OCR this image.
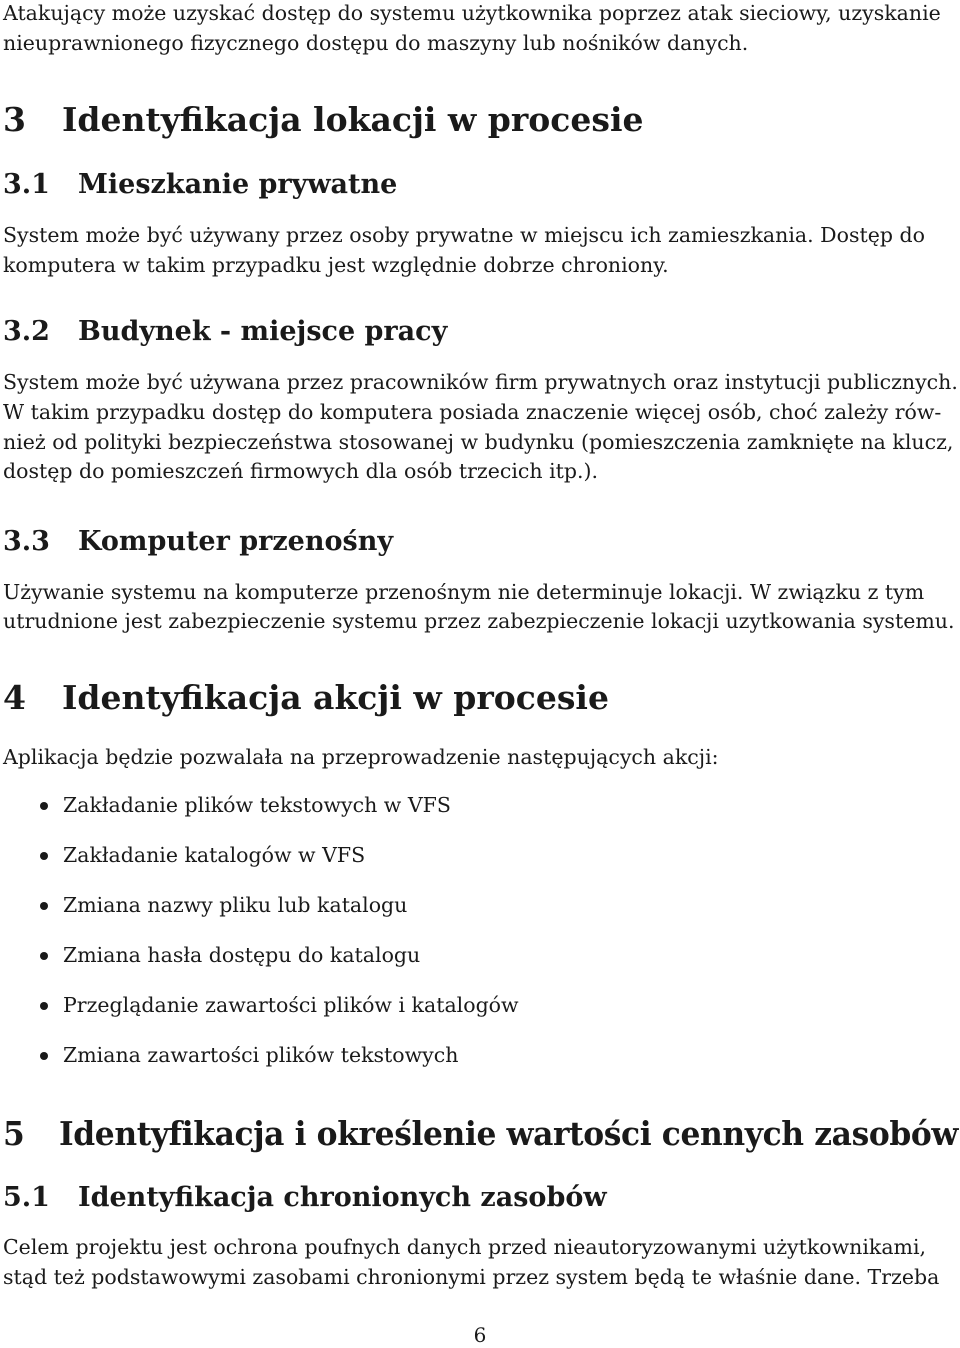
Atakujący może uzyskać dostęp do systemu użytkownika poprzez atak sieciowy, uzyskanie

nieuprawnionego fizycznego dostępu do maszyny lub nośników danych.

3 Identyfikacja lokacji w procesie
3.1 Mieszkanie prywatne

System może być używany przez osoby prywatne w miejscu ich zamieszkania. Dostęp do

komputera w takim przypadku jest względnie dobrze chroniony.

3.2 Budynek - miejsce pracy

System może być używana przez pracowników firm prywatnych oraz instytucji publicznych.

W takim przypadku dostęp do komputera posiada znaczenie więcej osób, choć zależy rów-

nież od polityki bezpieczeństwa stosowanej w budynku (pomieszczenia zamknięte na klucz,

dostęp do pomieszczeń firmowych dla osób trzecich itp.).

3.3 Komputer przenośny

Używanie systemu na komputerze przenośnym nie determinuje lokacji. W związku z tym

utrudnione jest zabezpieczenie systemu przez zabezpieczenie lokacji uzytkowania systemu.

4 Identyfikacja akcji w procesie

Aplikacja będzie pozwalała na przeprowadzenie następujących akcji:

Zakładanie plików tekstowych w VFS
Zakładanie katalogów w VFS
Zmiana nazwy pliku lub katalogu
Zmiana hasła dostępu do katalogu
Przeglądanie zawartości plików i katalogów
Zmiana zawartości plików tekstowych
5 Identyfikacja i określenie wartości cennych zasobów
5.1 Identyfikacja chronionych zasobów

Celem projektu jest ochrona poufnych danych przed nieautoryzowanymi użytkownikami,

stąd też podstawowymi zasobami chronionymi przez system będą te właśnie dane. Trzeba

6
